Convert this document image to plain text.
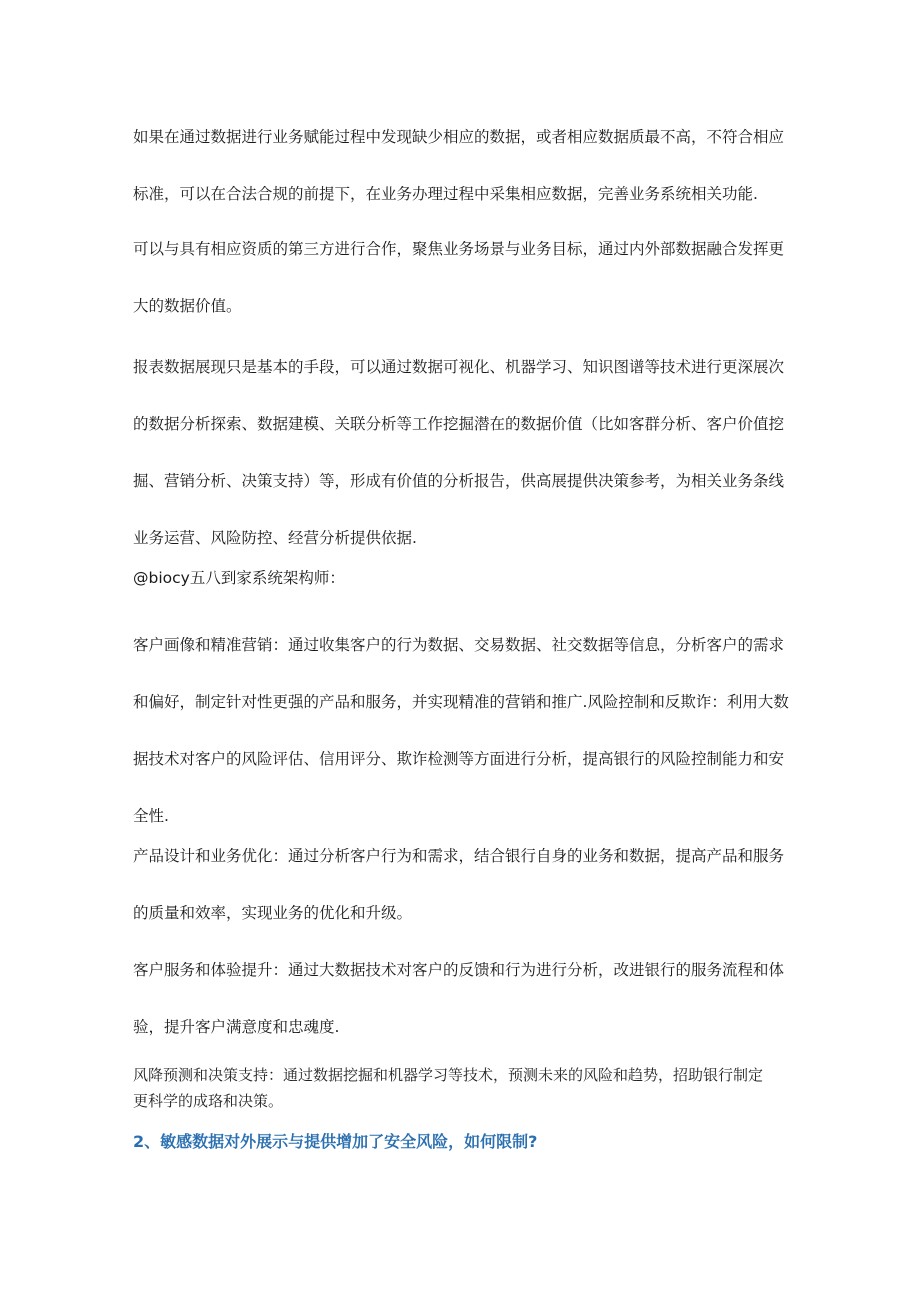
如果在通过数据进行业务赋能过程中发现缺少相应的数据，或者相应数据质最不高，不符合相应
标准，可以在合法合规的前提下，在业务办理过程中采集相应数据，完善业务系统相关功能.

可以与具有相应资质的第三方进行合作，聚焦业务场景与业务目标，通过内外部数据融合发挥更
大的数据价值。

报表数据展现只是基本的手段，可以通过数据可视化、机器学习、知识图谱等技术进行更深展次
的数据分析探索、数据建模、关联分析等工作挖掘潜在的数据价值（比如客群分析、客户价值挖
掘、营销分析、决策支持）等，形成有价值的分析报告，供高展提供决策参考，为相关业务条线
业务运营、风险防控、经营分析提供依据.

@biocy五八到家系统架构师：

客户画像和精准营销：通过收集客户的行为数据、交易数据、社交数据等信息，分析客户的需求
和偏好，制定针对性更强的产品和服务，并实现精准的营销和推广.风险控制和反欺诈：利用大数
据技术对客户的风险评估、信用评分、欺诈检测等方面进行分析，提高银行的风险控制能力和安
全性.

产品设计和业务优化：通过分析客户行为和需求，结合银行自身的业务和数据，提高产品和服务
的质量和效率，实现业务的优化和升级。

客户服务和体验提升：通过大数据技术对客户的反馈和行为进行分析，改进银行的服务流程和体
验，提升客户满意度和忠魂度.

风降预测和决策支持：通过数据挖掘和机器学习等技术，预测未来的风险和趋势，招助银行制定
更科学的成珞和决策。

2、敏感数据对外展示与提供增加了安全风险，如何限制?
